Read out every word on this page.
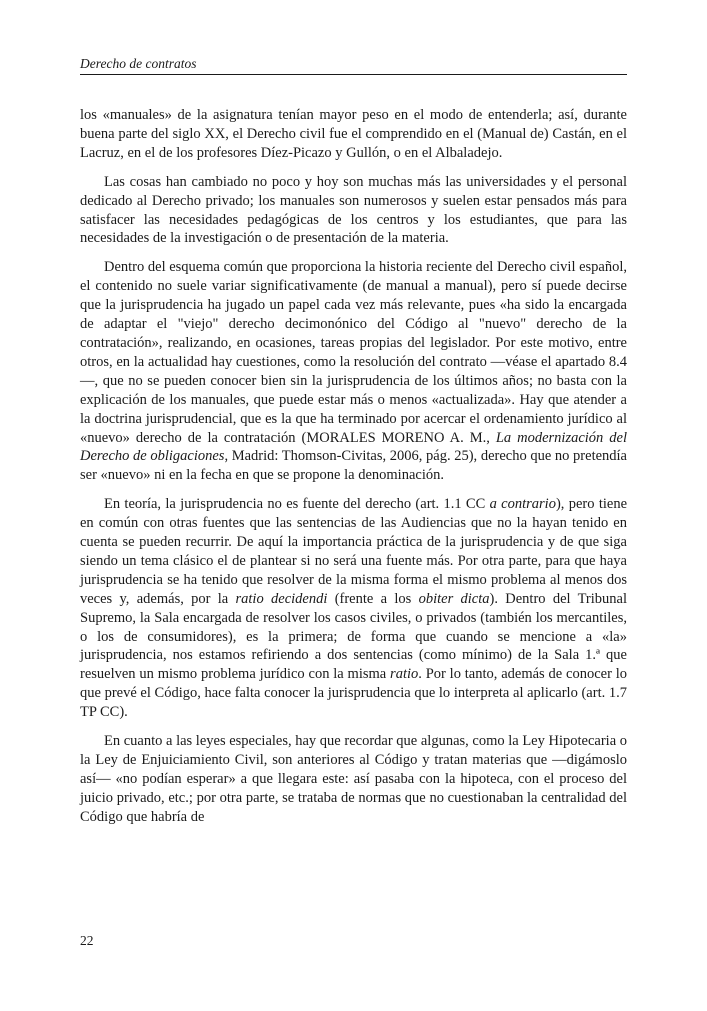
Derecho de contratos

los «manuales» de la asignatura tenían mayor peso en el modo de entenderla; así, durante buena parte del siglo XX, el Derecho civil fue el comprendido en el (Manual de) Castán, en el Lacruz, en el de los profesores Díez-Picazo y Gullón, o en el Albaladejo.

Las cosas han cambiado no poco y hoy son muchas más las universidades y el personal dedicado al Derecho privado; los manuales son numerosos y suelen estar pensados más para satisfacer las necesidades pedagógicas de los centros y los estudiantes, que para las necesidades de la investigación o de presentación de la materia.

Dentro del esquema común que proporciona la historia reciente del Derecho civil español, el contenido no suele variar significativamente (de manual a manual), pero sí puede decirse que la jurisprudencia ha jugado un papel cada vez más relevante, pues «ha sido la encargada de adaptar el "viejo" derecho decimonónico del Código al "nuevo" derecho de la contratación», realizando, en ocasiones, tareas propias del legislador. Por este motivo, entre otros, en la actualidad hay cuestiones, como la resolución del contrato —véase el apartado 8.4—, que no se pueden conocer bien sin la jurisprudencia de los últimos años; no basta con la explicación de los manuales, que puede estar más o menos «actualizada». Hay que atender a la doctrina jurisprudencial, que es la que ha terminado por acercar el ordenamiento jurídico al «nuevo» derecho de la contratación (MORALES MORENO A. M., La modernización del Derecho de obligaciones, Madrid: Thomson-Civitas, 2006, pág. 25), derecho que no pretendía ser «nuevo» ni en la fecha en que se propone la denominación.

En teoría, la jurisprudencia no es fuente del derecho (art. 1.1 CC a contrario), pero tiene en común con otras fuentes que las sentencias de las Audiencias que no la hayan tenido en cuenta se pueden recurrir. De aquí la importancia práctica de la jurisprudencia y de que siga siendo un tema clásico el de plantear si no será una fuente más. Por otra parte, para que haya jurisprudencia se ha tenido que resolver de la misma forma el mismo problema al menos dos veces y, además, por la ratio decidendi (frente a los obiter dicta). Dentro del Tribunal Supremo, la Sala encargada de resolver los casos civiles, o privados (también los mercantiles, o los de consumidores), es la primera; de forma que cuando se mencione a «la» jurisprudencia, nos estamos refiriendo a dos sentencias (como mínimo) de la Sala 1.ª que resuelven un mismo problema jurídico con la misma ratio. Por lo tanto, además de conocer lo que prevé el Código, hace falta conocer la jurisprudencia que lo interpreta al aplicarlo (art. 1.7 TP CC).

En cuanto a las leyes especiales, hay que recordar que algunas, como la Ley Hipotecaria o la Ley de Enjuiciamiento Civil, son anteriores al Código y tratan materias que —digámoslo así— «no podían esperar» a que llegara este: así pasaba con la hipoteca, con el proceso del juicio privado, etc.; por otra parte, se trataba de normas que no cuestionaban la centralidad del Código que habría de

22
